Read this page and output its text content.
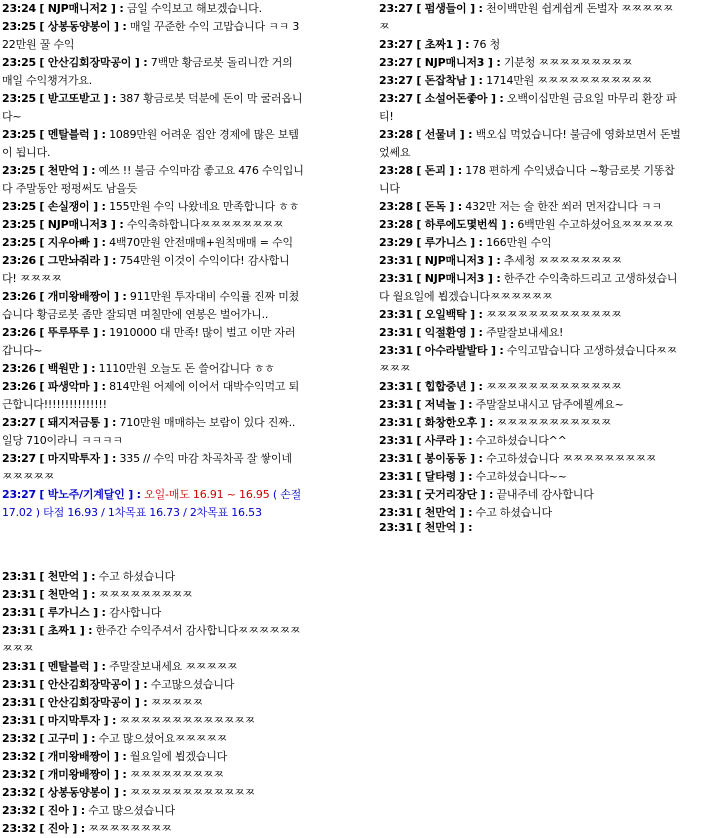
23:24 [ NJP매니저2 ] : 금일 수익보고 해보겠습니다.
23:25 [ 상봉동양봉이 ] : 매일 꾸준한 수익 고맙습니다 ㅋㅋ 322만원 꿀 수익
23:25 [ 안산김회장막공이 ] : 7백만 황금로봇 돌리니깐 거의 매일 수익챙겨가요.
23:25 [ 받고또받고 ] : 387 황금로봇 덕분에 돈이 막 굴러옵니다~
23:25 [ 멘탈블럭 ] : 1089만원 어려운 집안 경제에 많은 보템이 됩니다.
23:25 [ 천만억 ] : 예쓰 !! 불금 수익마감 좋고요 476 수익입니다 주말동안 펑펑써도 남을듯
23:25 [ 손실쟁이 ] : 155만원 수익 나왔네요 만족합니다 ㅎㅎ
23:25 [ NJP매니저3 ] : 수익축하합니다ㅉㅉㅉㅉㅉㅉㅉㅉ
23:25 [ 지우아빠 ] : 4백70만원 안전매매+원칙매매 = 수익
23:26 [ 그만놔줘라 ] : 754만원 이것이 수익이다! 감사합니다! ㅉㅉㅉㅉ
23:26 [ 개미왕배짱이 ] : 911만원 투자대비 수익률 진짜 미쳤습니다 황금로봇 좀만 잘되면 며칠만에 연봉은 벌어가니..
23:26 [ 뚜루뚜루 ] : 1910000 대 만족! 많이 벌고 이만 자러갑니다~
23:26 [ 백원만 ] : 1110만원 오늘도 돈 쓸어갑니다 ㅎㅎ
23:26 [ 파생악마 ] : 814만원 어제에 이어서 대박수익먹고 퇴근합니다!!!!!!!!!!!!!!!
23:27 [ 돼지저금통 ] : 710만원 매매하는 보람이 있다 진짜..일당 710이라니 ㅋㅋㅋㅋ
23:27 [ 마지막투자 ] : 335 // 수익 마감 차곡차곡 잘 쌓이네 ㅉㅉㅉㅉㅉ
23:27 [ 박노주/기계달인 ] : 오일-매도 16.91 ~ 16.95 ( 손절 17.02 ) 타점 16.93 / 1차목표 16.73 / 2차목표 16.53
23:27 [ 펌생들이 ] : 천이백만원 쉽게쉽게 돈벌자 ㅉㅉㅉㅉㅉㅉ
23:27 [ 초짜1 ] : 76 청
23:27 [ NJP매니저3 ] : 기분청 ㅉㅉㅉㅉㅉㅉㅉㅉㅉ
23:27 [ 돈잡착남 ] : 1714만원 ㅉㅉㅉㅉㅉㅉㅉㅉㅉㅉㅉ
23:27 [ 소설어돈좋아 ] : 오백이십만원 금요일 마무리 환장 파티!
23:28 [ 선물녀 ] : 백오십 먹었습니다! 불금에 영화보면서 돈벌었쎄요
23:28 [ 돈괴 ] : 178 편하게 수익냈습니다 ~황금로봇 기똥찹니다
23:28 [ 돈독 ] : 432만 저는 술 한잔 쐬러 먼저갑니다 ㅋㅋ
23:28 [ 하루에도몇번씩 ] : 6백만원 수고하셨어요ㅉㅉㅉㅉㅉ
23:29 [ 루가니스 ] : 166만원 수익
23:31 [ NJP매니저3 ] : 추세청 ㅉㅉㅉㅉㅉㅉㅉㅉ
23:31 [ NJP매니저3 ] : 한주간 수익축하드리고 고생하셨습니다 월요일에 뵙겠습니다ㅉㅉㅉㅉㅉㅉ
23:31 [ 오일백탁 ] : ㅉㅉㅉㅉㅉㅉㅉㅉㅉㅉㅉㅉㅉ
23:31 [ 익절환영 ] : 주말잘보내세요!
23:31 [ 아수라발발타 ] : 수익고맙습니다 고생하셨습니다ㅉㅉㅉㅉㅉ
23:31 [ 힙합중년 ] : ㅉㅉㅉㅉㅉㅉㅉㅉㅉㅉㅉㅉㅉ
23:31 [ 저녁놀 ] : 주말잘보내시고 담주에뵐께요~
23:31 [ 화창한오후 ] : ㅉㅉㅉㅉㅉㅉㅉㅉㅉㅉㅉ
23:31 [ 사쿠라 ] : 수고하셨습니다^^
23:31 [ 봉이동동 ] : 수고하셨습니다 ㅉㅉㅉㅉㅉㅉㅉㅉㅉ
23:31 [ 달타령 ] : 수고하셨습니다~~
23:31 [ 굿거리장단 ] : 끝내주네 감사합니다
23:31 [ 천만억 ] : 수고 하셨습니다
23:31 [ 천만억 ] :
23:31 [ 천만억 ] : 수고 하셨습니다
23:31 [ 천만억 ] : ㅉㅉㅉㅉㅉㅉㅉㅉㅉ
23:31 [ 루가니스 ] : 감사합니다
23:31 [ 초짜1 ] : 한주간 수익주셔서 감사합니다ㅉㅉㅉㅉㅉㅉㅉㅉㅉ
23:31 [ 멘탈블럭 ] : 주말잘보내세요 ㅉㅉㅉㅉㅉ
23:31 [ 안산김회장막공이 ] : 수고많으셨습니다
23:31 [ 안산김회장막공이 ] : ㅉㅉㅉㅉㅉ
23:31 [ 마지막투자 ] : ㅉㅉㅉㅉㅉㅉㅉㅉㅉㅉㅉㅉㅉ
23:32 [ 고구미 ] : 수고 많으셨어요ㅉㅉㅉㅉㅉ
23:32 [ 개미왕배짱이 ] : 월요일에 뵙겠습니다
23:32 [ 개미왕배짱이 ] : ㅉㅉㅉㅉㅉㅉㅉㅉㅉ
23:32 [ 상봉동양봉이 ] : ㅉㅉㅉㅉㅉㅉㅉㅉㅉㅉㅉㅉ
23:32 [ 진아 ] : 수고 많으셨습니다
23:32 [ 진아 ] : ㅉㅉㅉㅉㅉㅉㅉㅉ
